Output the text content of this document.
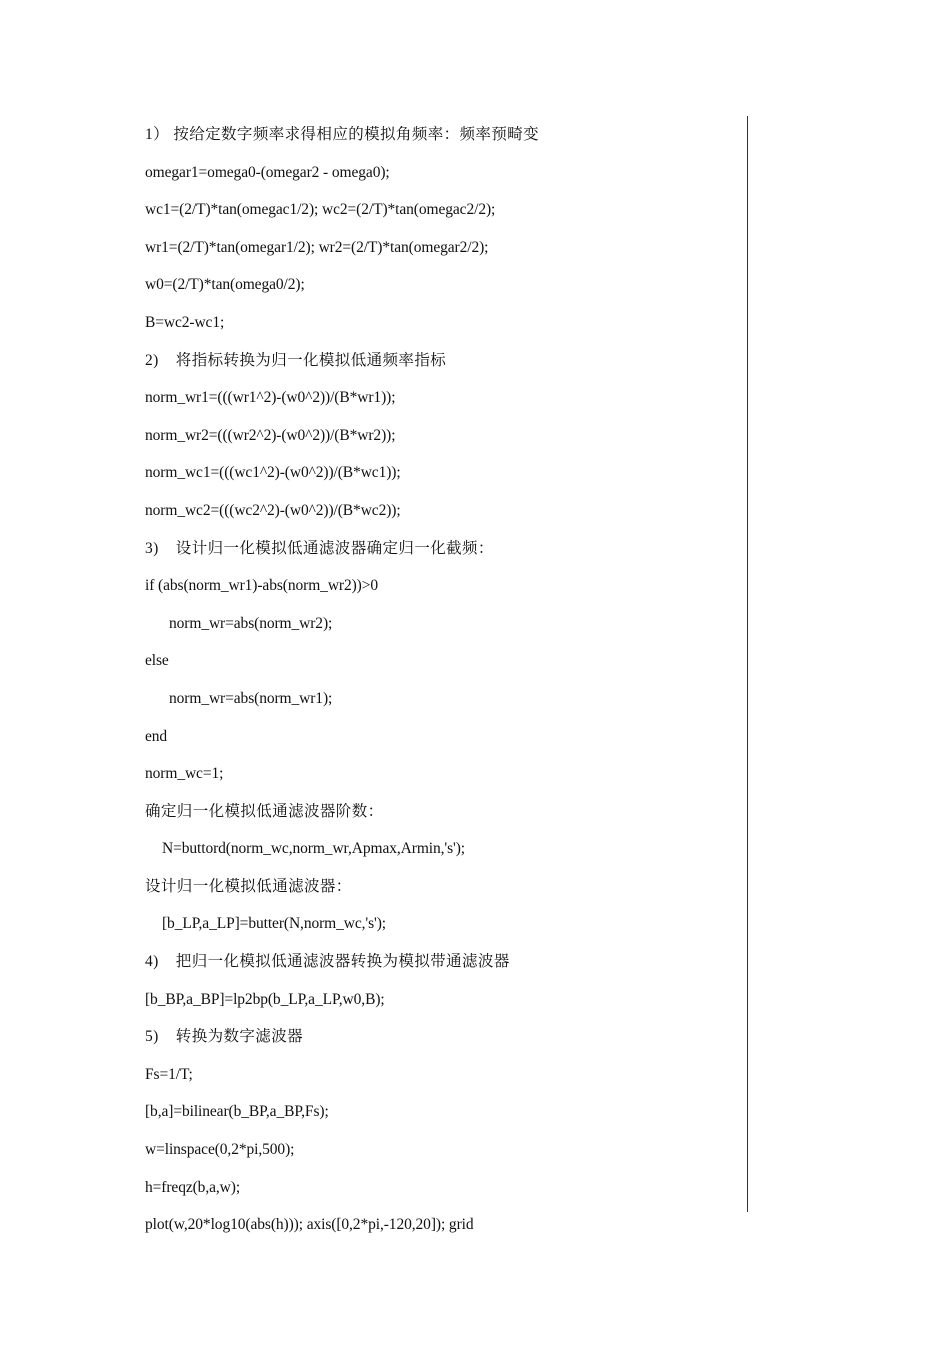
1） 按给定数字频率求得相应的模拟角频率：频率预畸变
omegar1=omega0-(omegar2 - omega0);
wc1=(2/T)*tan(omegac1/2); wc2=(2/T)*tan(omegac2/2);
wr1=(2/T)*tan(omegar1/2); wr2=(2/T)*tan(omegar2/2);
w0=(2/T)*tan(omega0/2);
B=wc2-wc1;
2)    将指标转换为归一化模拟低通频率指标
norm_wr1=(((wr1^2)-(w0^2))/(B*wr1));
norm_wr2=(((wr2^2)-(w0^2))/(B*wr2));
norm_wc1=(((wc1^2)-(w0^2))/(B*wc1));
norm_wc2=(((wc2^2)-(w0^2))/(B*wc2));
3)    设计归一化模拟低通滤波器确定归一化截频：
if (abs(norm_wr1)-abs(norm_wr2))>0
norm_wr=abs(norm_wr2);
else
norm_wr=abs(norm_wr1);
end
norm_wc=1;
确定归一化模拟低通滤波器阶数：
N=buttord(norm_wc,norm_wr,Apmax,Armin,'s');
设计归一化模拟低通滤波器：
[b_LP,a_LP]=butter(N,norm_wc,'s');
4)    把归一化模拟低通滤波器转换为模拟带通滤波器
[b_BP,a_BP]=lp2bp(b_LP,a_LP,w0,B);
5)    转换为数字滤波器
Fs=1/T;
[b,a]=bilinear(b_BP,a_BP,Fs);
w=linspace(0,2*pi,500);
h=freqz(b,a,w);
plot(w,20*log10(abs(h))); axis([0,2*pi,-120,20]); grid
